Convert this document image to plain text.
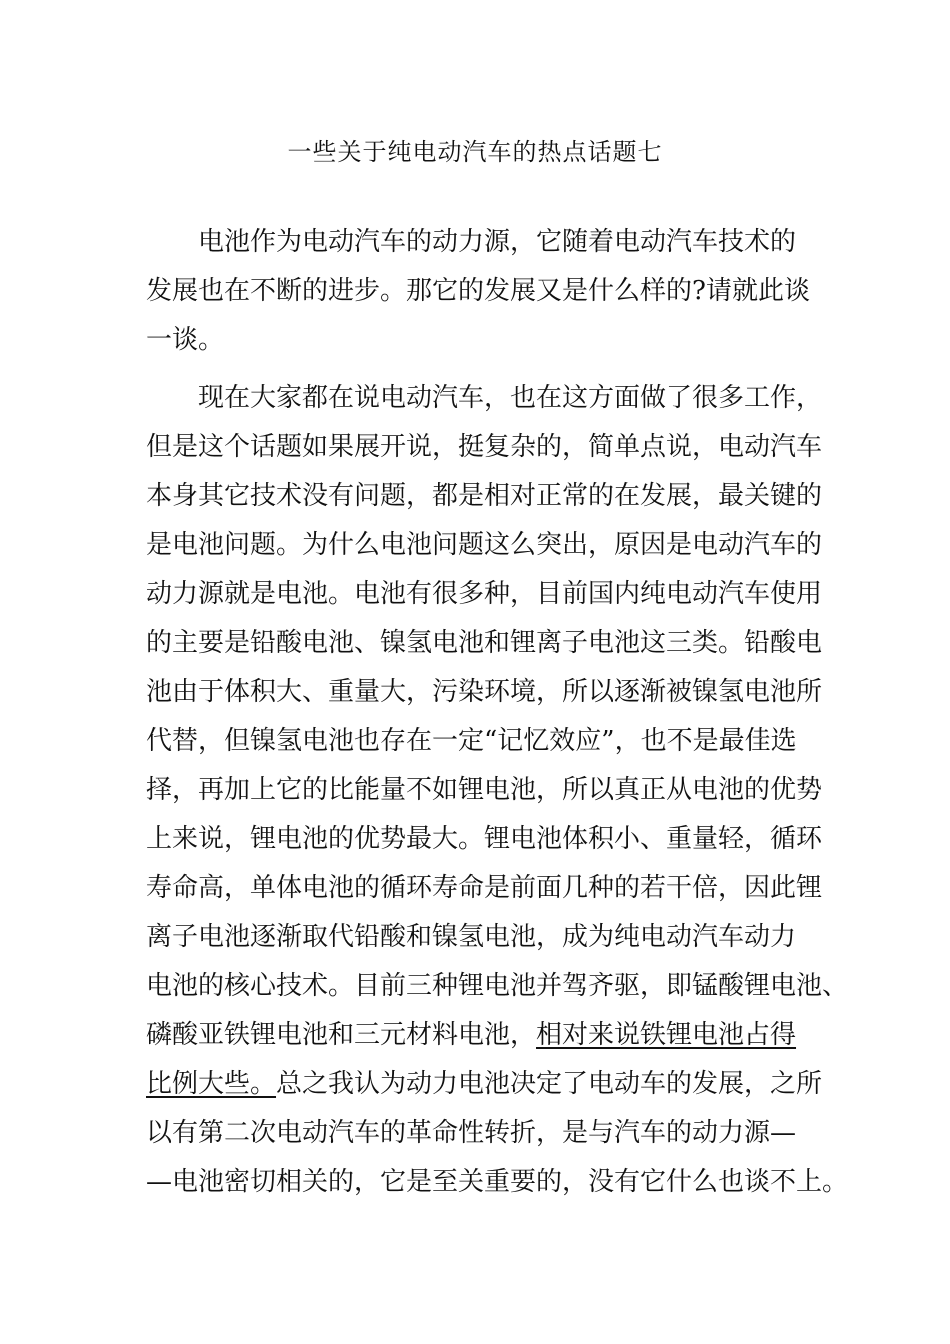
一些关于纯电动汽车的热点话题七
电池作为电动汽车的动力源，它随着电动汽车技术的
发展也在不断的进步。那它的发展又是什么样的?请就此谈
一谈。
现在大家都在说电动汽车，也在这方面做了很多工作，
但是这个话题如果展开说，挺复杂的，简单点说，电动汽车
本身其它技术没有问题，都是相对正常的在发展，最关键的
是电池问题。为什么电池问题这么突出，原因是电动汽车的
动力源就是电池。电池有很多种，目前国内纯电动汽车使用
的主要是铅酸电池、镍氢电池和锂离子电池这三类。铅酸电
池由于体积大、重量大，污染环境，所以逐渐被镍氢电池所
代替，但镍氢电池也存在一定“记忆效应”，也不是最佳选
择，再加上它的比能量不如锂电池，所以真正从电池的优势
上来说，锂电池的优势最大。锂电池体积小、重量轻，循环
寿命高，单体电池的循环寿命是前面几种的若干倍，因此锂
离子电池逐渐取代铅酸和镍氢电池，成为纯电动汽车动力
电池的核心技术。目前三种锂电池并驾齐驱，即锰酸锂电池、
磷酸亚铁锂电池和三元材料电池，相对来说铁锂电池占得
比例大些。总之我认为动力电池决定了电动车的发展，之所
以有第二次电动汽车的革命性转折，是与汽车的动力源—
—电池密切相关的，它是至关重要的，没有它什么也谈不上。
